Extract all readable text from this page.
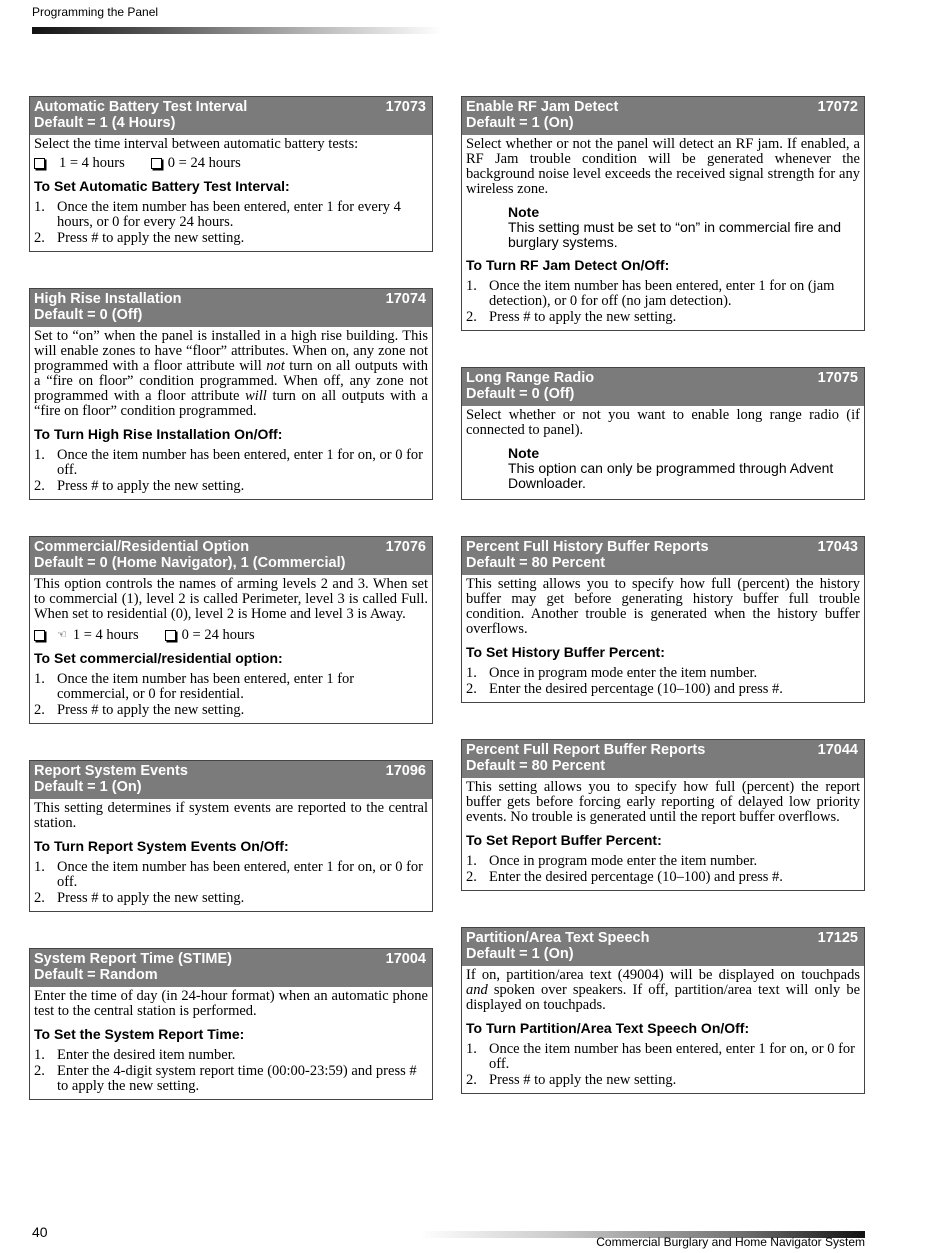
Programming the Panel
Automatic Battery Test Interval
Default = 1 (4 Hours)
17073

Select the time interval between automatic battery tests:

1 = 4 hours	0 = 24 hours
To Set Automatic Battery Test Interval:
1. Once the item number has been entered, enter 1 for every 4 hours, or 0 for every 24 hours.
2. Press # to apply the new setting.
High Rise Installation
Default = 0 (Off)
17074

Set to “on” when the panel is installed in a high rise building. This will enable zones to have “floor” attributes. When on, any zone not programmed with a floor attribute will not turn on all outputs with a “fire on floor” condition programmed. When off, any zone not programmed with a floor attribute will turn on all outputs with a “fire on floor” condition programmed.

To Turn High Rise Installation On/Off:
1. Once the item number has been entered, enter 1 for on, or 0 for off.
2. Press # to apply the new setting.
Commercial/Residential Option
Default = 0 (Home Navigator), 1 (Commercial)
17076

This option controls the names of arming levels 2 and 3. When set to commercial (1), level 2 is called Perimeter, level 3 is called Full. When set to residential (0), level 2 is Home and level 3 is Away.

☜ 1 = 4 hours	0 = 24 hours
To Set commercial/residential option:
1. Once the item number has been entered, enter 1 for commercial, or 0 for residential.
2. Press # to apply the new setting.
Report System Events
Default = 1 (On)
17096

This setting determines if system events are reported to the central station.

To Turn Report System Events On/Off:
1. Once the item number has been entered, enter 1 for on, or 0 for off.
2. Press # to apply the new setting.
System Report Time (STIME)
Default = Random
17004

Enter the time of day (in 24-hour format) when an automatic phone test to the central station is performed.

To Set the System Report Time:
1. Enter the desired item number.
2. Enter the 4-digit system report time (00:00-23:59) and press # to apply the new setting.
Enable RF Jam Detect
Default = 1 (On)
17072

Select whether or not the panel will detect an RF jam. If enabled, a RF Jam trouble condition will be generated whenever the background noise level exceeds the received signal strength for any wireless zone.

Note
This setting must be set to “on” in commercial fire and burglary systems.
To Turn RF Jam Detect On/Off:
1. Once the item number has been entered, enter 1 for on (jam detection), or 0 for off (no jam detection).
2. Press # to apply the new setting.
Long Range Radio
Default = 0 (Off)
17075

Select whether or not you want to enable long range radio (if connected to panel).

Note
This option can only be programmed through Advent Downloader.
Percent Full History Buffer Reports
Default = 80 Percent
17043

This setting allows you to specify how full (percent) the history buffer may get before generating history buffer full trouble condition. Another trouble is generated when the history buffer overflows.

To Set History Buffer Percent:
1. Once in program mode enter the item number.
2. Enter the desired percentage (10–100) and press #.
Percent Full Report Buffer Reports
Default = 80 Percent
17044

This setting allows you to specify how full (percent) the report buffer gets before forcing early reporting of delayed low priority events. No trouble is generated until the report buffer overflows.

To Set Report Buffer Percent:
1. Once in program mode enter the item number.
2. Enter the desired percentage (10–100) and press #.
Partition/Area Text Speech
Default = 1 (On)
17125

If on, partition/area text (49004) will be displayed on touchpads and spoken over speakers. If off, partition/area text will only be displayed on touchpads.

To Turn Partition/Area Text Speech On/Off:
1. Once the item number has been entered, enter 1 for on, or 0 for off.
2. Press # to apply the new setting.
40
Commercial Burglary and Home Navigator System
